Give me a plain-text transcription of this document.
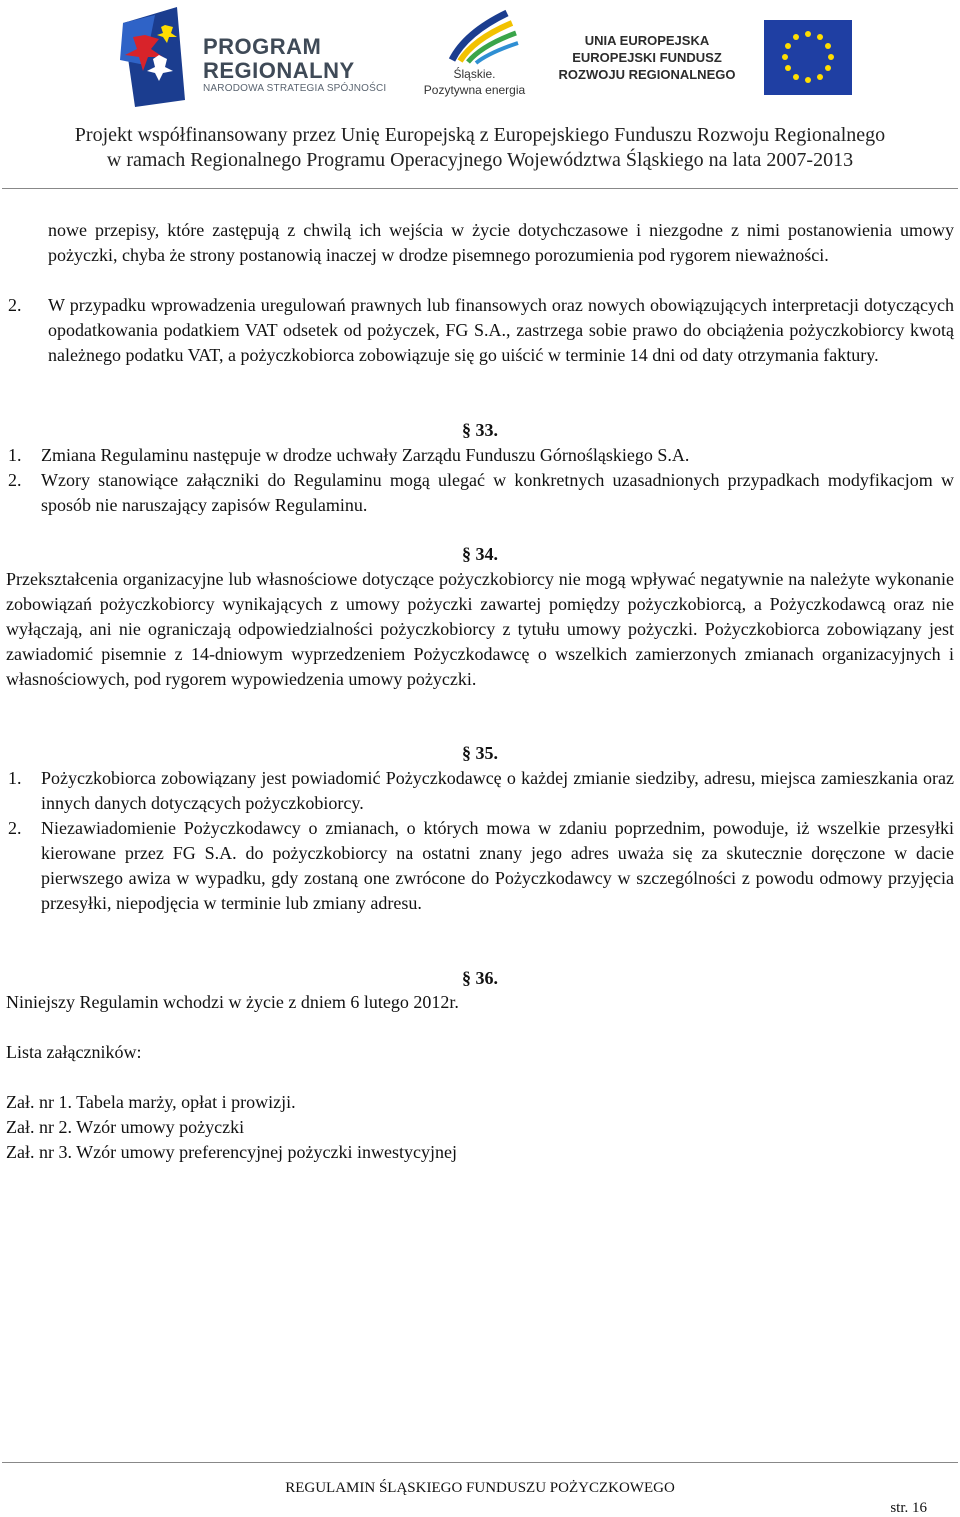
PROGRAM
REGIONALNY
NARODOWA STRATEGIA SPÓJNOŚCI
Śląskie.
Pozytywna energia
UNIA EUROPEJSKA
EUROPEJSKI FUNDUSZ
ROZWOJU REGIONALNEGO
Projekt współfinansowany przez Unię Europejską z Europejskiego Funduszu Rozwoju Regionalnego
w ramach Regionalnego Programu Operacyjnego Województwa Śląskiego na lata 2007-2013
nowe przepisy, które zastępują z chwilą ich wejścia w życie dotychczasowe i niezgodne z nimi postanowienia umowy pożyczki, chyba że strony postanowią inaczej w drodze pisemnego porozumienia pod rygorem nieważności.
2. W przypadku wprowadzenia uregulowań prawnych lub finansowych oraz nowych obowiązujących interpretacji dotyczących opodatkowania podatkiem VAT odsetek od pożyczek, FG S.A., zastrzega sobie prawo do obciążenia pożyczkobiorcy kwotą należnego podatku VAT, a pożyczkobiorca zobowiązuje się go uiścić w terminie 14 dni od daty otrzymania faktury.
§ 33.
1. Zmiana Regulaminu następuje w drodze uchwały Zarządu Funduszu Górnośląskiego S.A.
2. Wzory stanowiące załączniki do Regulaminu mogą ulegać w konkretnych uzasadnionych przypadkach modyfikacjom w sposób nie naruszający zapisów Regulaminu.
§ 34.
Przekształcenia organizacyjne lub własnościowe dotyczące pożyczkobiorcy nie mogą wpływać negatywnie na należyte wykonanie zobowiązań pożyczkobiorcy wynikających z umowy pożyczki zawartej pomiędzy pożyczkobiorcą, a Pożyczkodawcą oraz nie wyłączają, ani nie ograniczają odpowiedzialności pożyczkobiorcy z tytułu umowy pożyczki. Pożyczkobiorca zobowiązany jest zawiadomić pisemnie z 14-dniowym wyprzedzeniem Pożyczkodawcę o wszelkich zamierzonych zmianach organizacyjnych i własnościowych, pod rygorem wypowiedzenia umowy pożyczki.
§ 35.
1. Pożyczkobiorca zobowiązany jest powiadomić Pożyczkodawcę o każdej zmianie siedziby, adresu, miejsca zamieszkania oraz innych danych dotyczących pożyczkobiorcy.
2. Niezawiadomienie Pożyczkodawcy o zmianach, o których mowa w zdaniu poprzednim, powoduje, iż wszelkie przesyłki kierowane przez FG S.A. do pożyczkobiorcy na ostatni znany jego adres uważa się za skutecznie doręczone w dacie pierwszego awiza w wypadku, gdy zostaną one zwrócone do Pożyczkodawcy w szczególności z powodu odmowy przyjęcia przesyłki, niepodjęcia w terminie lub zmiany adresu.
§ 36.
Niniejszy Regulamin wchodzi w życie z dniem 6 lutego 2012r.
Lista załączników:
Zał. nr 1. Tabela marży, opłat i prowizji.
Zał. nr 2. Wzór umowy pożyczki
Zał. nr 3. Wzór umowy preferencyjnej pożyczki inwestycyjnej
REGULAMIN ŚLĄSKIEGO FUNDUSZU POŻYCZKOWEGO
str. 16
